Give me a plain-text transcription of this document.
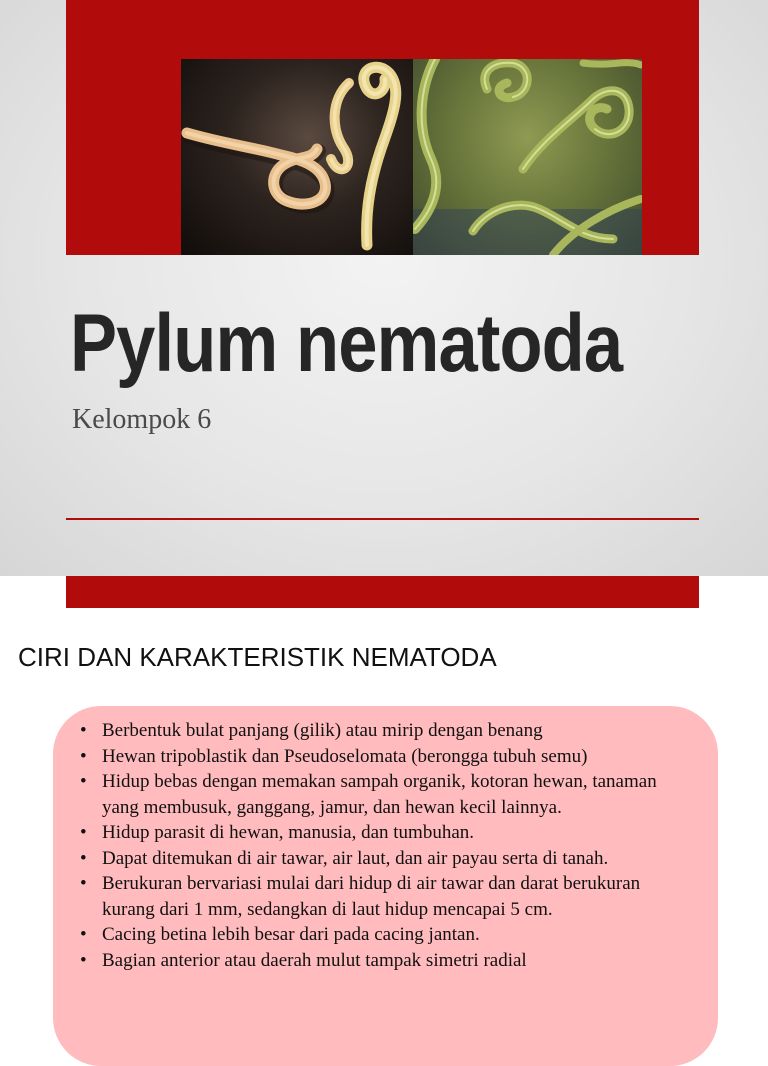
Pylum nematoda
Kelompok 6
CIRI DAN KARAKTERISTIK NEMATODA
• Berbentuk bulat panjang (gilik) atau mirip dengan benang
• Hewan tripoblastik dan Pseudoselomata (berongga tubuh semu)
• Hidup bebas dengan memakan sampah organik, kotoran hewan, tanaman yang membusuk, ganggang, jamur, dan hewan kecil lainnya.
• Hidup parasit di hewan, manusia, dan tumbuhan.
• Dapat ditemukan di air tawar, air laut, dan air payau serta di tanah.
• Berukuran bervariasi mulai dari hidup di air tawar dan darat berukuran kurang dari 1 mm, sedangkan di laut hidup mencapai 5 cm.
• Cacing betina lebih besar dari pada cacing jantan.
• Bagian anterior atau daerah mulut tampak simetri radial
